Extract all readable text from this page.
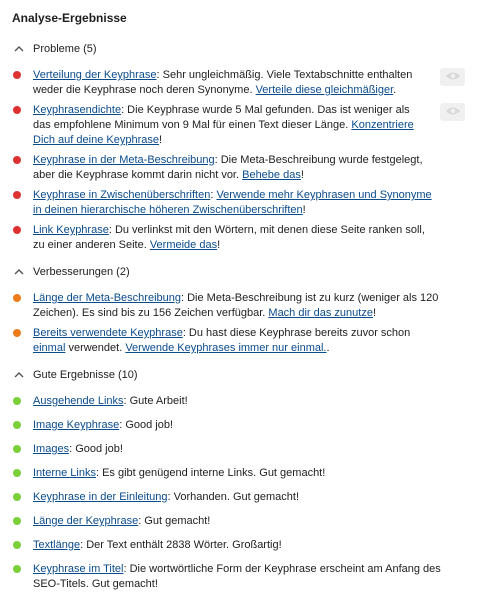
Analyse-Ergebnisse
Probleme (5)
Verteilung der Keyphrase: Sehr ungleichmäßig. Viele Textabschnitte enthalten weder die Keyphrase noch deren Synonyme. Verteile diese gleichmäßiger.
Keyphrasendichte: Die Keyphrase wurde 5 Mal gefunden. Das ist weniger als das empfohlene Minimum von 9 Mal für einen Text dieser Länge. Konzentriere Dich auf deine Keyphrase!
Keyphrase in der Meta-Beschreibung: Die Meta-Beschreibung wurde festgelegt, aber die Keyphrase kommt darin nicht vor. Behebe das!
Keyphrase in Zwischenüberschriften: Verwende mehr Keyphrasen und Synonyme in deinen hierarchische höheren Zwischenüberschriften!
Link Keyphrase: Du verlinkst mit den Wörtern, mit denen diese Seite ranken soll, zu einer anderen Seite. Vermeide das!
Verbesserungen (2)
Länge der Meta-Beschreibung: Die Meta-Beschreibung ist zu kurz (weniger als 120 Zeichen). Es sind bis zu 156 Zeichen verfügbar. Mach dir das zunutze!
Bereits verwendete Keyphrase: Du hast diese Keyphrase bereits zuvor schon einmal verwendet. Verwende Keyphrases immer nur einmal..
Gute Ergebnisse (10)
Ausgehende Links: Gute Arbeit!
Image Keyphrase: Good job!
Images: Good job!
Interne Links: Es gibt genügend interne Links. Gut gemacht!
Keyphrase in der Einleitung: Vorhanden. Gut gemacht!
Länge der Keyphrase: Gut gemacht!
Textlänge: Der Text enthält 2838 Wörter. Großartig!
Keyphrase im Titel: Die wortwörtliche Form der Keyphrase erscheint am Anfang des SEO-Titels. Gut gemacht!
